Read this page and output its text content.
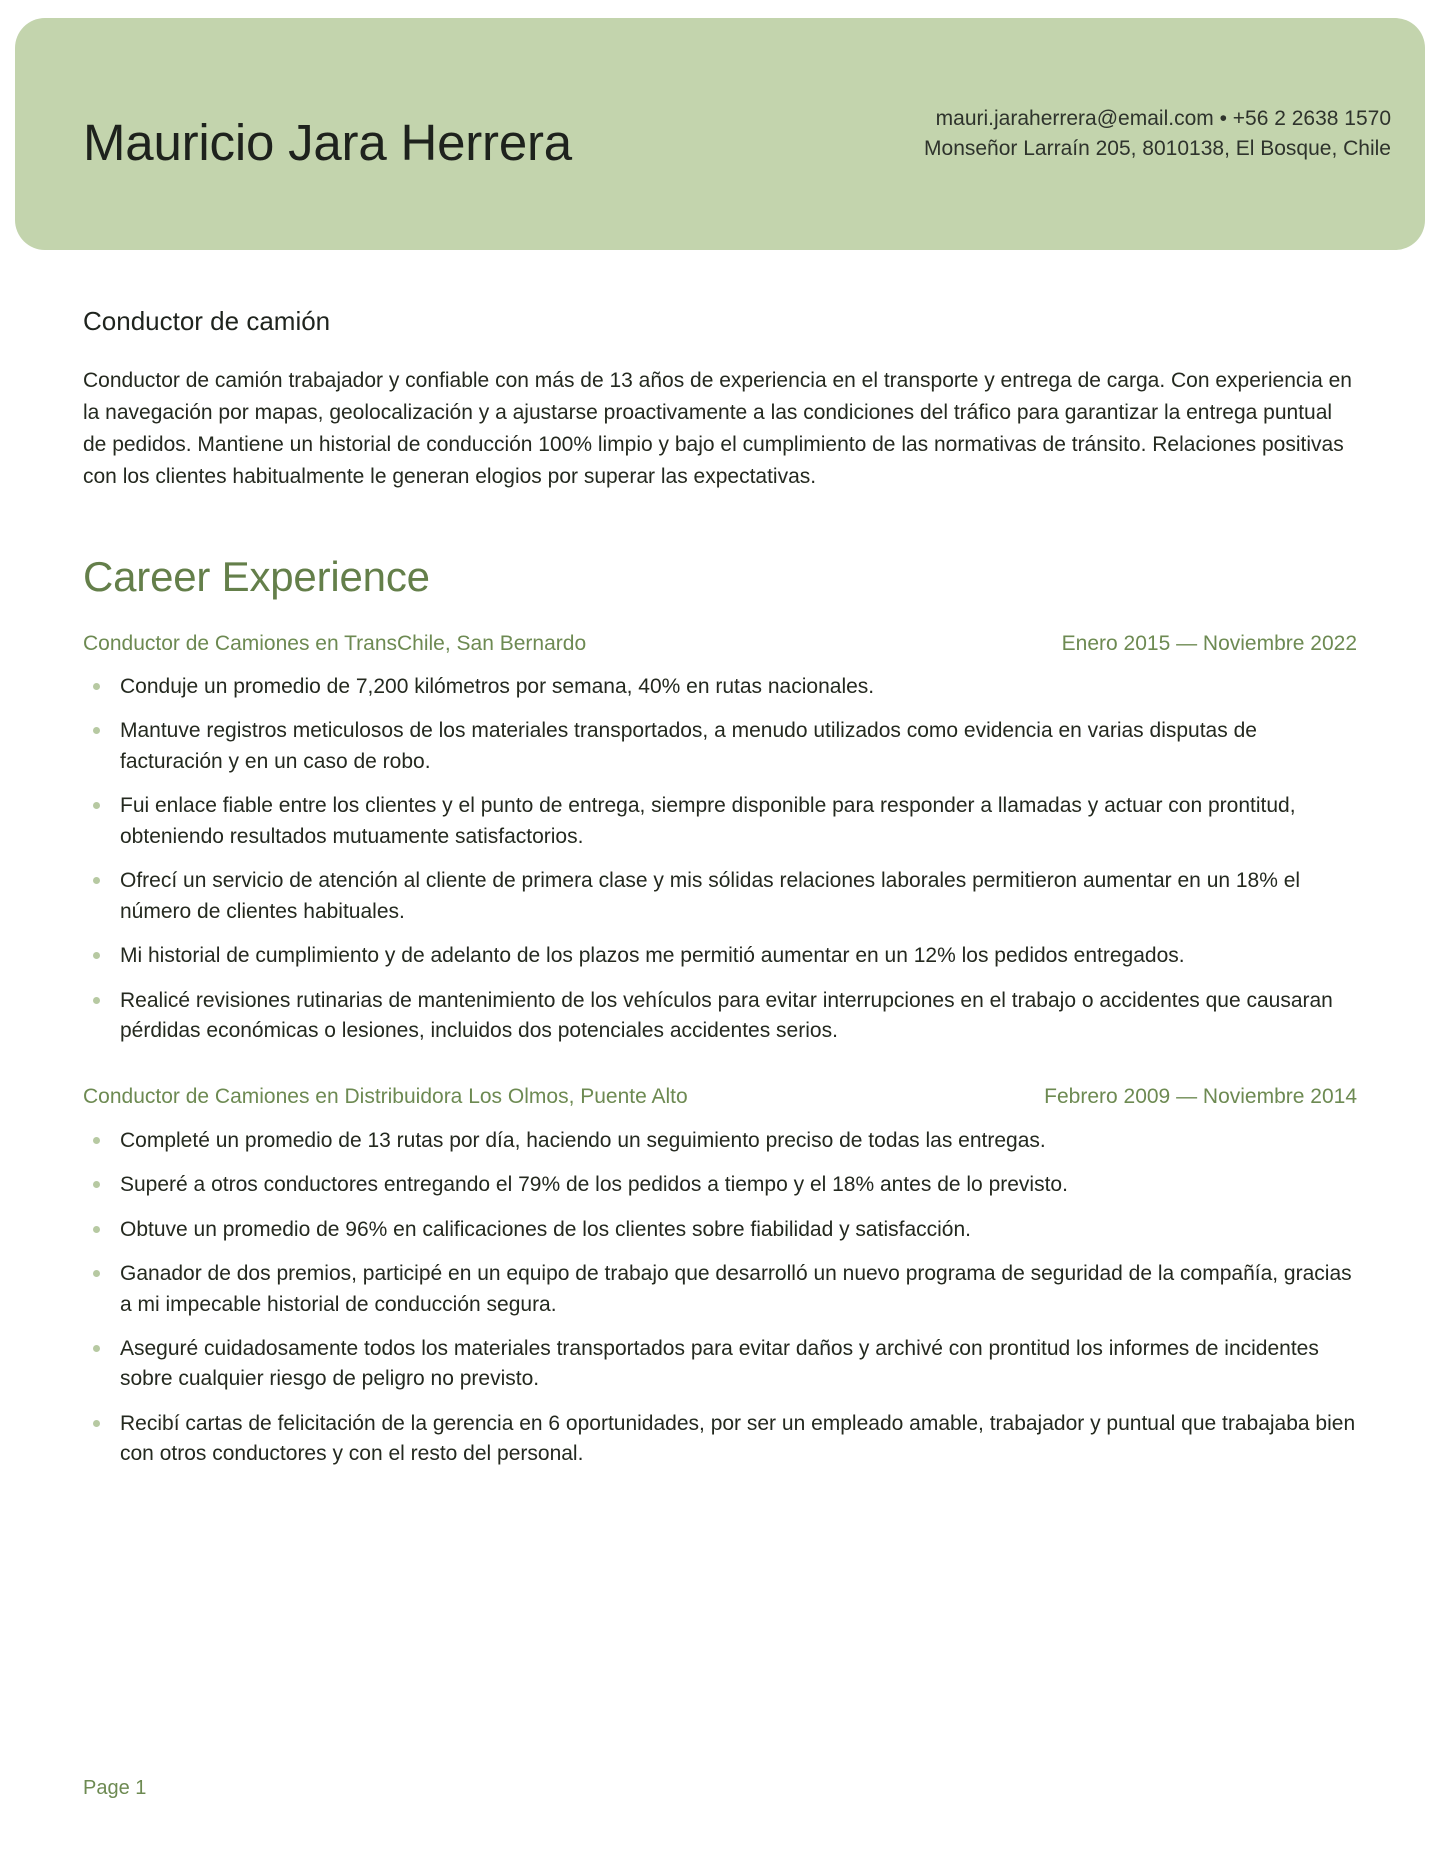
Mauricio Jara Herrera	mauri.jaraherrera@email.com • +56 2 2638 1570
Monseñor Larraín 205, 8010138, El Bosque, Chile
Conductor de camión

Conductor de camión trabajador y confiable con más de 13 años de experiencia en el transporte y entrega de carga. Con experiencia en la navegación por mapas, geolocalización y a ajustarse proactivamente a las condiciones del tráfico para garantizar la entrega puntual de pedidos. Mantiene un historial de conducción 100% limpio y bajo el cumplimiento de las normativas de tránsito. Relaciones positivas con los clientes habitualmente le generan elogios por superar las expectativas.

Career Experience
Conductor de Camiones en TransChile, San Bernardo	Enero 2015 — Noviembre 2022
Conduje un promedio de 7,200 kilómetros por semana, 40% en rutas nacionales.
Mantuve registros meticulosos de los materiales transportados, a menudo utilizados como evidencia en varias disputas de facturación y en un caso de robo.
Fui enlace fiable entre los clientes y el punto de entrega, siempre disponible para responder a llamadas y actuar con prontitud, obteniendo resultados mutuamente satisfactorios.
Ofrecí un servicio de atención al cliente de primera clase y mis sólidas relaciones laborales permitieron aumentar en un 18% el número de clientes habituales.
Mi historial de cumplimiento y de adelanto de los plazos me permitió aumentar en un 12% los pedidos entregados.
Realicé revisiones rutinarias de mantenimiento de los vehículos para evitar interrupciones en el trabajo o accidentes que causaran pérdidas económicas o lesiones, incluidos dos potenciales accidentes serios.
Conductor de Camiones en Distribuidora Los Olmos, Puente Alto	Febrero 2009 — Noviembre 2014
Completé un promedio de 13 rutas por día, haciendo un seguimiento preciso de todas las entregas.
Superé a otros conductores entregando el 79% de los pedidos a tiempo y el 18% antes de lo previsto.
Obtuve un promedio de 96% en calificaciones de los clientes sobre fiabilidad y satisfacción.
Ganador de dos premios, participé en un equipo de trabajo que desarrolló un nuevo programa de seguridad de la compañía, gracias a mi impecable historial de conducción segura.
Aseguré cuidadosamente todos los materiales transportados para evitar daños y archivé con prontitud los informes de incidentes sobre cualquier riesgo de peligro no previsto.
Recibí cartas de felicitación de la gerencia en 6 oportunidades, por ser un empleado amable, trabajador y puntual que trabajaba bien con otros conductores y con el resto del personal.
Page 1
